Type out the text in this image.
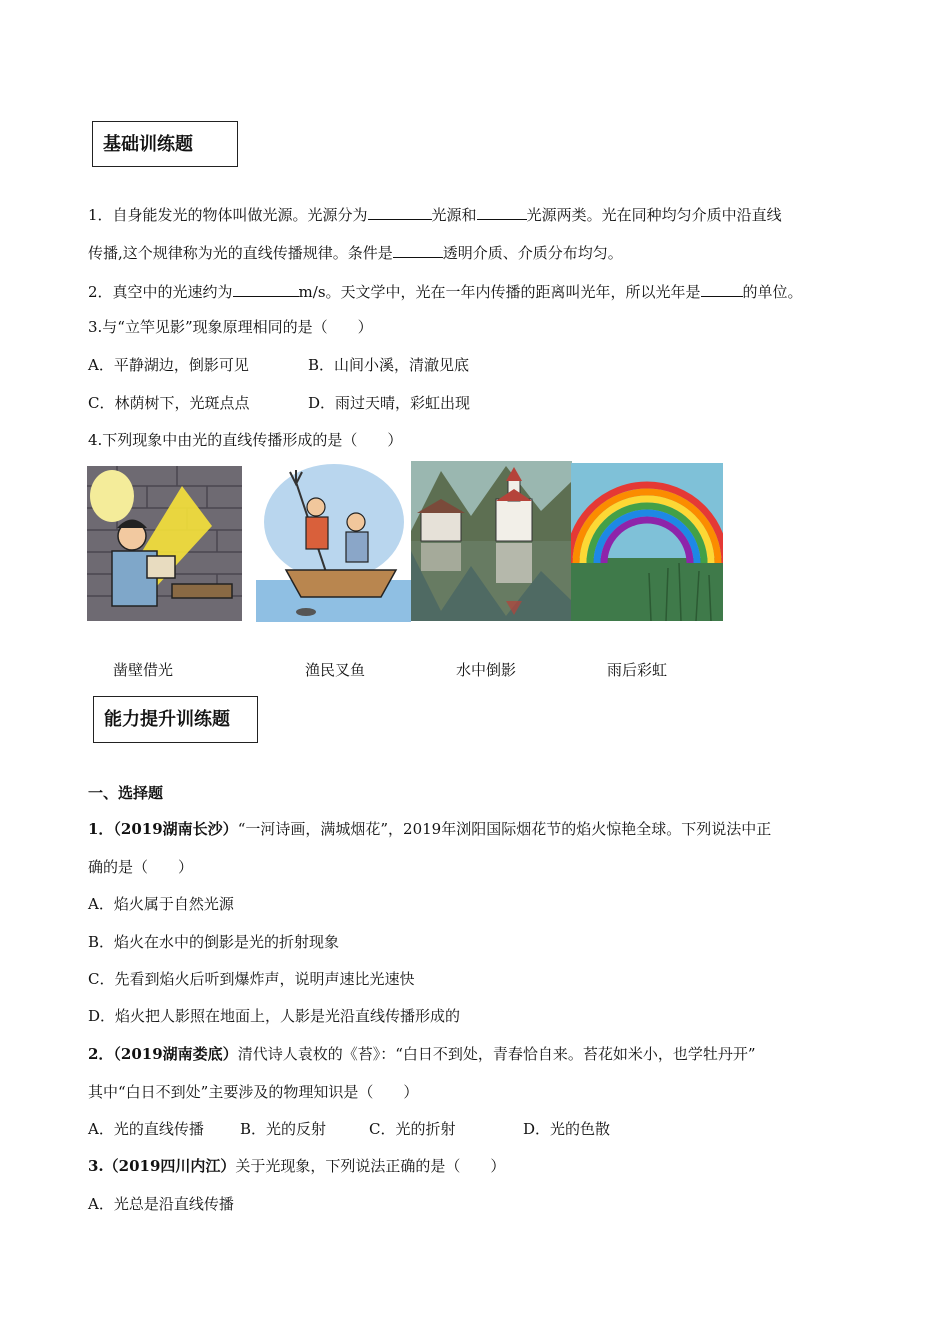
基础训练题
1．自身能发光的物体叫做光源。光源分为	光源和	光源两类。光在同种均匀介质中沿直线
传播,这个规律称为光的直线传播规律。条件是	透明介质、介质分布均匀。
2．真空中的光速约为	m/s。天文学中，光在一年内传播的距离叫光年，所以光年是	的单位。
3.与“立竿见影”现象原理相同的是（　　）
A．平静湖边，倒影可见	B．山间小溪，清澈见底
C．林荫树下，光斑点点	D．雨过天晴，彩虹出现
4.下列现象中由光的直线传播形成的是（　　）
凿壁借光	渔民叉鱼	水中倒影	雨后彩虹
能力提升训练题
一、选择题
1．（2019湖南长沙）“一河诗画，满城烟花”，2019年浏阳国际烟花节的焰火惊艳全球。下列说法中正
确的是（　　）
A．焰火属于自然光源
B．焰火在水中的倒影是光的折射现象
C．先看到焰火后听到爆炸声，说明声速比光速快
D．焰火把人影照在地面上，人影是光沿直线传播形成的
2．（2019湖南娄底）清代诗人袁枚的《苔》：“白日不到处，青春恰自来。苔花如米小，也学牡丹开”
其中“白日不到处”主要涉及的物理知识是（　　）
A．光的直线传播 B．光的反射	C．光的折射	D．光的色散
3.（2019四川内江）关于光现象，下列说法正确的是（　　）
A．光总是沿直线传播
